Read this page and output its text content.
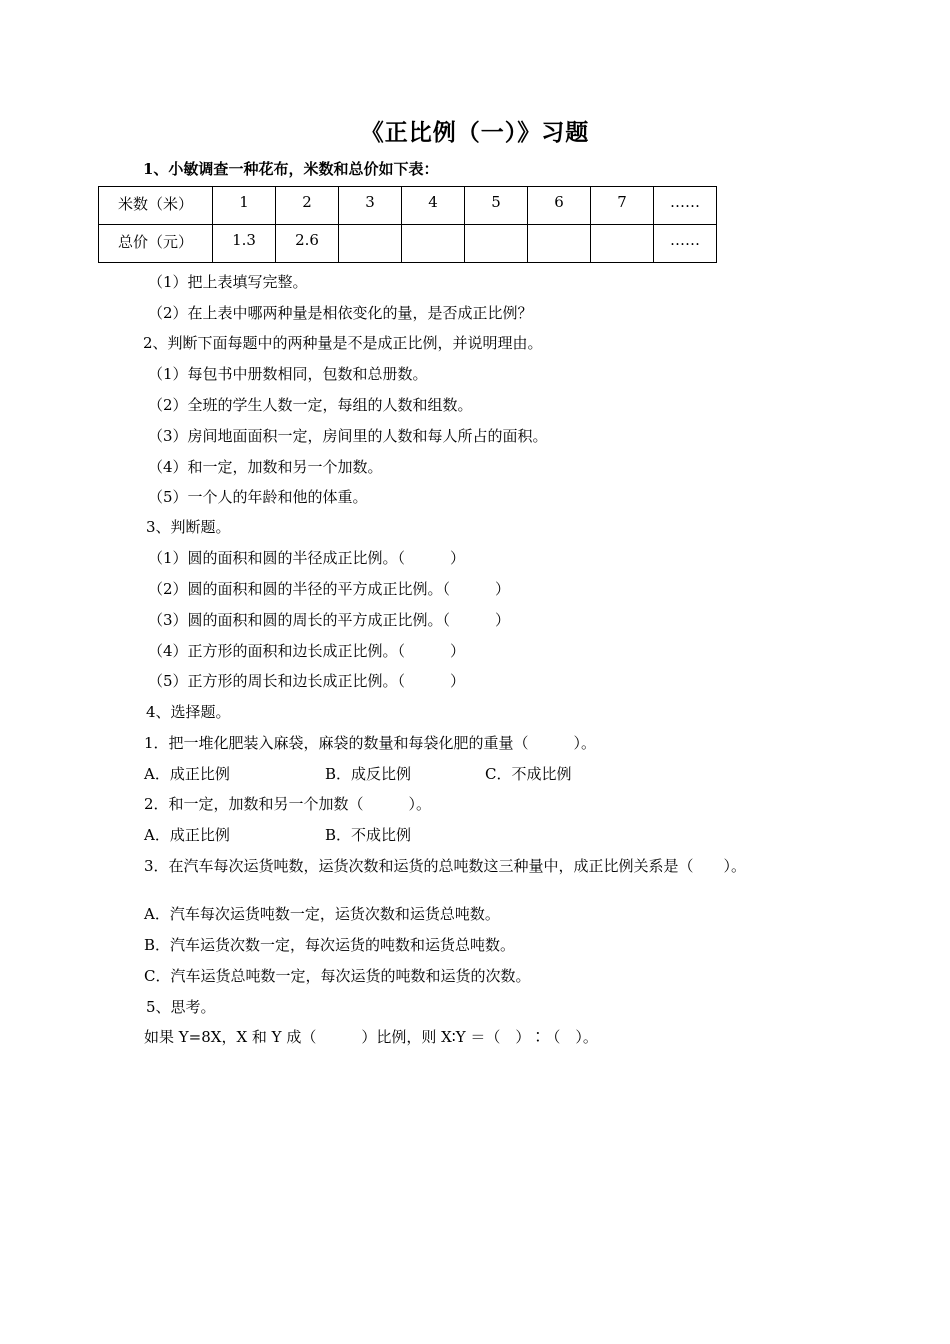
《正比例（一）》习题
1、小敏调查一种花布，米数和总价如下表：
米数（米）	1	2	3	4	5	6	7	……
总价（元）	1.3	2.6						……
（1）把上表填写完整。
（2）在上表中哪两种量是相依变化的量，是否成正比例？
2、判断下面每题中的两种量是不是成正比例，并说明理由。
（1）每包书中册数相同，包数和总册数。
（2）全班的学生人数一定，每组的人数和组数。
（3）房间地面面积一定，房间里的人数和每人所占的面积。
（4）和一定，加数和另一个加数。
（5）一个人的年龄和他的体重。
3、判断题。
（1）圆的面积和圆的半径成正比例。（　　　）
（2）圆的面积和圆的半径的平方成正比例。（　　　）
（3）圆的面积和圆的周长的平方成正比例。（　　　）
（4）正方形的面积和边长成正比例。（　　　）
（5）正方形的周长和边长成正比例。（　　　）
4、选择题。
1．把一堆化肥装入麻袋，麻袋的数量和每袋化肥的重量（　　　）。
A．成正比例	B．成反比例	C．不成比例
2．和一定，加数和另一个加数（　　　）。
A．成正比例	B．不成比例
3．在汽车每次运货吨数，运货次数和运货的总吨数这三种量中，成正比例关系是（　　）。
A．汽车每次运货吨数一定，运货次数和运货总吨数。
B．汽车运货次数一定，每次运货的吨数和运货总吨数。
C．汽车运货总吨数一定，每次运货的吨数和运货的次数。
5、思考。
如果 Y=8X，X 和 Y 成（　　　）比例，则 X∶Y ＝（　）∶（　）。
